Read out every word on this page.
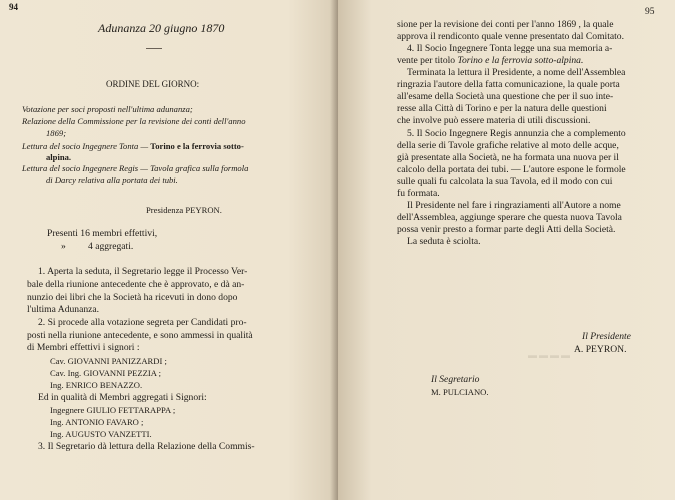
94
Adunanza 20 giugno 1870
ORDINE DEL GIORNO:
Votazione per soci proposti nell'ultima adunanza;
Relazione della Commissione per la revisione dei conti dell'anno
1869;
Lettura del socio Ingegnere Tonta — Torino e la ferrovia sotto-
alpina.
Lettura del socio Ingegnere Regis — Tavola grafica sulla formola
di Darcy relativa alla portata dei tubi.
Presidenza PEYRON.
Presenti 16 membri effettivi,
» 4 aggregati.
1. Aperta la seduta, il Segretario legge il Processo Ver-
bale della riunione antecedente che è approvato, e dà an-
nunzio dei libri che la Società ha ricevuti in dono dopo
l'ultima Adunanza.
2. Si procede alla votazione segreta per Candidati pro-
posti nella riunione antecedente, e sono ammessi in qualità
di Membri effettivi i signori :
Cav. GIOVANNI PANIZZARDI ;
Cav. Ing. GIOVANNI PEZZIA ;
Ing. ENRICO BENAZZO.
Ed in qualità di Membri aggregati i Signori:
Ingegnere GIULIO FETTARAPPA ;
Ing. ANTONIO FAVARO ;
Ing. AUGUSTO VANZETTI.
3. Il Segretario dà lettura della Relazione della Commis-
95
sione per la revisione dei conti per l'anno 1869 , la quale
approva il rendiconto quale venne presentato dal Comitato.
4. Il Socio Ingegnere Tonta legge una sua memoria a-
vente per titolo Torino e la ferrovia sotto-alpina.
Terminata la lettura il Presidente, a nome dell'Assemblea
ringrazia l'autore della fatta comunicazione, la quale porta
all'esame della Società una questione che per il suo inte-
resse alla Città di Torino e per la natura delle questioni
che involve può essere materia di utili discussioni.
5. Il Socio Ingegnere Regis annunzia che a complemento
della serie di Tavole grafiche relative al moto delle acque,
già presentate alla Società, ne ha formata una nuova per il
calcolo della portata dei tubi. — L'autore espone le formole
sulle quali fu calcolata la sua Tavola, ed il modo con cui
fu formata.
Il Presidente nel fare i ringraziamenti all'Autore a nome
dell'Assemblea, aggiunge sperare che questa nuova Tavola
possa venir presto a formar parte degli Atti della Società.
La seduta è sciolta.
▬▬▬▬
Il Presidente
A. PEYRON.
Il Segretario
M. PULCIANO.
